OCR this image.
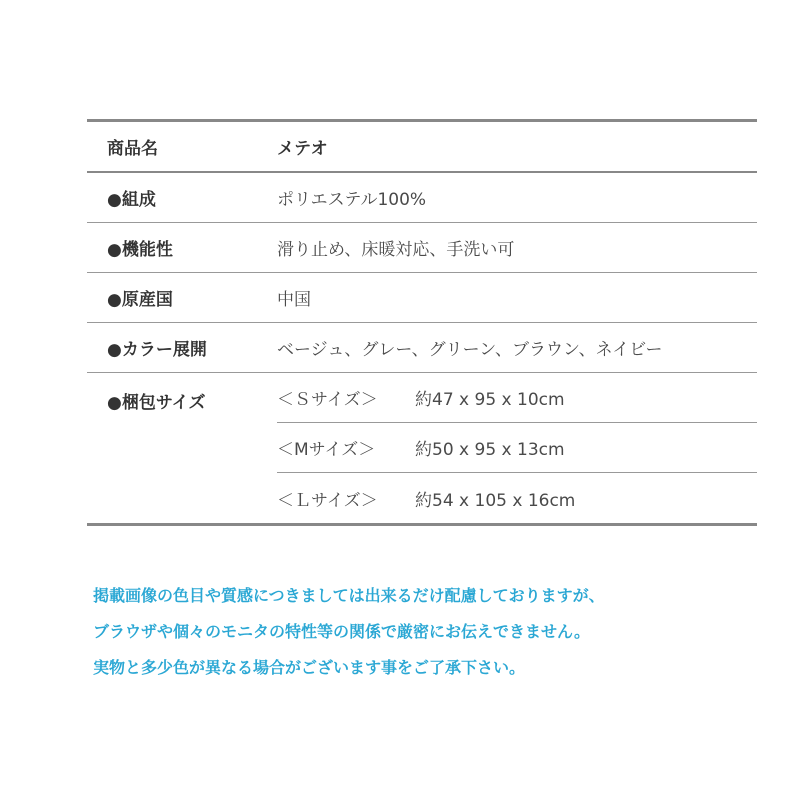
商品名	メテオ
●組成	ポリエステル100%
●機能性	滑り止め、床暖対応、手洗い可
●原産国	中国
●カラー展開	ベージュ、グレー、グリーン、ブラウン、ネイビー
●梱包サイズ	＜Ｓサイズ＞	約47 x 95 x 10cm
＜Mサイズ＞	約50 x 95 x 13cm
＜Ｌサイズ＞	約54 x 105 x 16cm
掲載画像の色目や質感につきましては出来るだけ配慮しておりますが、
ブラウザや個々のモニタの特性等の関係で厳密にお伝えできません。
実物と多少色が異なる場合がございます事をご了承下さい。
